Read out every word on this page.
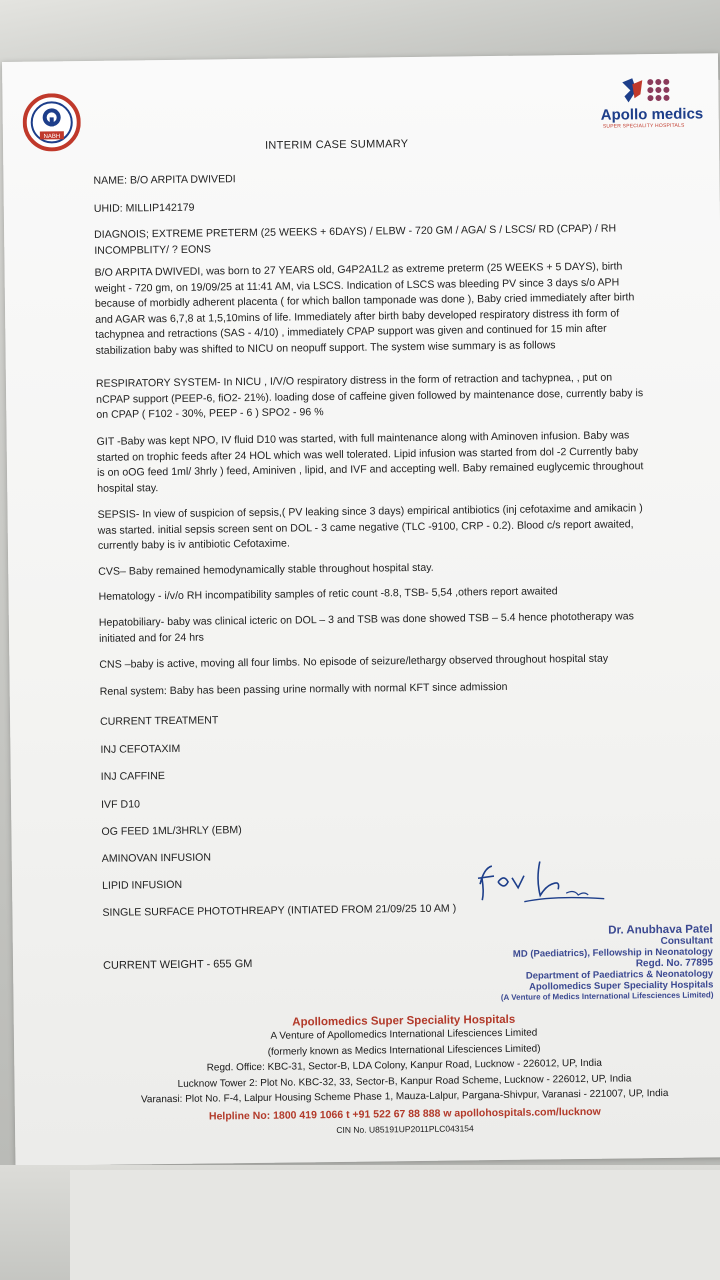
NABH
Apollo medics
SUPER SPECIALITY HOSPITALS
INTERIM CASE SUMMARY
NAME: B/O ARPITA DWIVEDI
UHID: MILLIP142179
DIAGNOIS; EXTREME PRETERM (25 WEEKS + 6DAYS) / ELBW - 720 GM / AGA/ S / LSCS/ RD (CPAP) / RH INCOMPBLITY/ ? EONS
B/O ARPITA DWIVEDI, was born to 27 YEARS old, G4P2A1L2 as extreme preterm (25 WEEKS + 5 DAYS), birth weight - 720 gm, on 19/09/25 at 11:41 AM, via LSCS. Indication of LSCS was bleeding PV since 3 days s/o APH because of morbidly adherent placenta ( for which ballon tamponade was done ), Baby cried immediately after birth and AGAR was 6,7,8 at 1,5,10mins of life. Immediately after birth baby developed respiratory distress ith form of tachypnea and retractions (SAS - 4/10) , immediately CPAP support was given and continued for 15 min after stabilization baby was shifted to NICU on neopuff support. The system wise summary is as follows
RESPIRATORY SYSTEM- In NICU , I/V/O respiratory distress in the form of retraction and tachypnea, , put on nCPAP support (PEEP-6, fiO2- 21%). loading dose of caffeine given followed by maintenance dose, currently baby is on CPAP ( F102 - 30%, PEEP - 6 ) SPO2 - 96 %
GIT -Baby was kept NPO, IV fluid D10 was started, with full maintenance along with Aminoven infusion. Baby was started on trophic feeds after 24 HOL which was well tolerated. Lipid infusion was started from dol -2 Currently baby is on oOG feed 1ml/ 3hrly ) feed, Aminiven , lipid, and IVF and accepting well. Baby remained euglycemic throughout hospital stay.
SEPSIS- In view of suspicion of sepsis,( PV leaking since 3 days) empirical antibiotics (inj cefotaxime and amikacin ) was started. initial sepsis screen sent on DOL - 3 came negative (TLC -9100, CRP - 0.2). Blood c/s report awaited, currently baby is iv antibiotic Cefotaxime.
CVS– Baby remained hemodynamically stable throughout hospital stay.
Hematology - i/v/o RH incompatibility samples of retic count -8.8, TSB- 5,54 ,others report awaited
Hepatobiliary- baby was clinical icteric on DOL – 3 and TSB was done showed TSB – 5.4 hence phototherapy was initiated and for 24 hrs
CNS –baby is active, moving all four limbs. No episode of seizure/lethargy observed throughout hospital stay
Renal system: Baby has been passing urine normally with normal KFT since admission
CURRENT TREATMENT
INJ CEFOTAXIM
INJ CAFFINE
IVF D10
OG FEED 1ML/3HRLY (EBM)
AMINOVAN INFUSION
LIPID INFUSION
SINGLE SURFACE PHOTOTHREAPY (INTIATED FROM 21/09/25 10 AM )
CURRENT WEIGHT - 655 GM
Dr. Anubhava Patel
Consultant
MD (Paediatrics), Fellowship in Neonatology
Regd. No. 77895
Department of Paediatrics & Neonatology
Apollomedics Super Speciality Hospitals
(A Venture of Medics International Lifesciences Limited)
Apollomedics Super Speciality Hospitals
A Venture of Apollomedics International Lifesciences Limited
(formerly known as Medics International Lifesciences Limited)
Regd. Office: KBC-31, Sector-B, LDA Colony, Kanpur Road, Lucknow - 226012, UP, India
Lucknow Tower 2: Plot No. KBC-32, 33, Sector-B, Kanpur Road Scheme, Lucknow - 226012, UP, India
Varanasi: Plot No. F-4, Lalpur Housing Scheme Phase 1, Mauza-Lalpur, Pargana-Shivpur, Varanasi - 221007, UP, India
Helpline No: 1800 419 1066 t +91 522 67 88 888 w apollohospitals.com/lucknow
CIN No. U85191UP2011PLC043154
